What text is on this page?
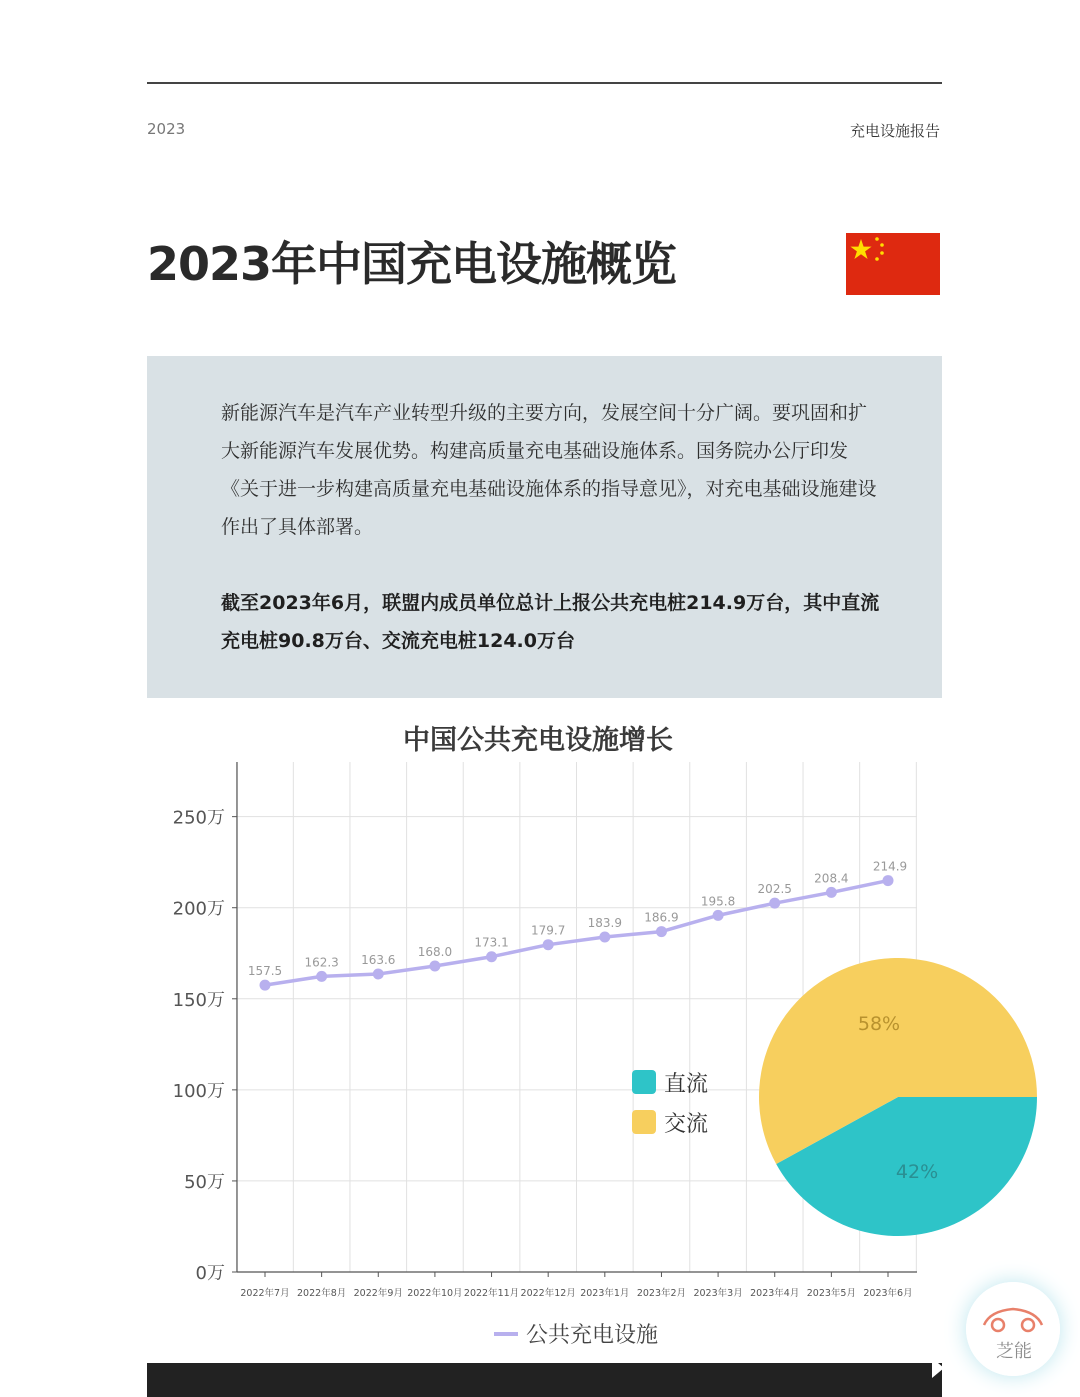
2023	充电设施报告
2023年中国充电设施概览
新能源汽车是汽车产业转型升级的主要方向，发展空间十分广阔。要巩固和扩大新能源汽车发展优势。构建高质量充电基础设施体系。国务院办公厅印发《关于进一步构建高质量充电基础设施体系的指导意见》，对充电基础设施建设作出了具体部署。
截至2023年6月，联盟内成员单位总计上报公共充电桩214.9万台，其中直流充电桩90.8万台、交流充电桩124.0万台
中国公共充电设施增长
0万
50万
100万
150万
200万
250万
2022年7月 2022年8月 2022年9月 2022年10月 2022年11月 2022年12月 2023年1月 2023年2月 2023年3月 2023年4月 2023年5月 2023年6月
157.5
162.3 163.6
168.0
173.1
179.7
183.9 186.9
195.8
202.5
208.4
214.9
42%
58%
直流
交流
公共充电设施
芝能
